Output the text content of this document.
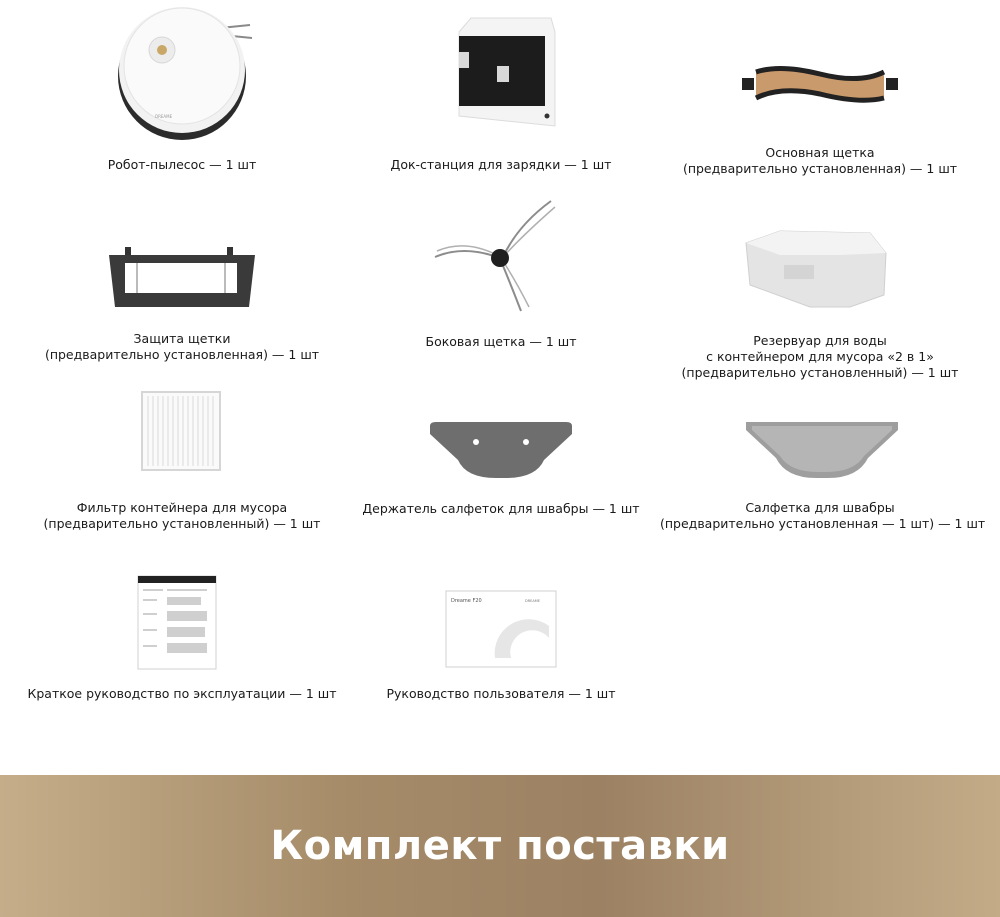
DREAME
Робот-пылесос — 1 шт	Док-станция для зарядки — 1 шт
Основная щетка
(предварительно установленная) — 1 шт
Защита щетки
(предварительно установленная) — 1 шт
Боковая щетка — 1 шт	Резервуар для воды
с контейнером для мусора «2 в 1»
(предварительно установленный) — 1 шт
Фильтр контейнера для мусора
(предварительно установленный) — 1 шт
Держатель салфеток для швабры — 1 шт	Салфетка для швабры
(предварительно установленная — 1 шт) — 1 шт
Краткое руководство по эксплуатации — 1 шт
Dreame F20	DREAME
Руководство пользователя — 1 шт
Комплект поставки
